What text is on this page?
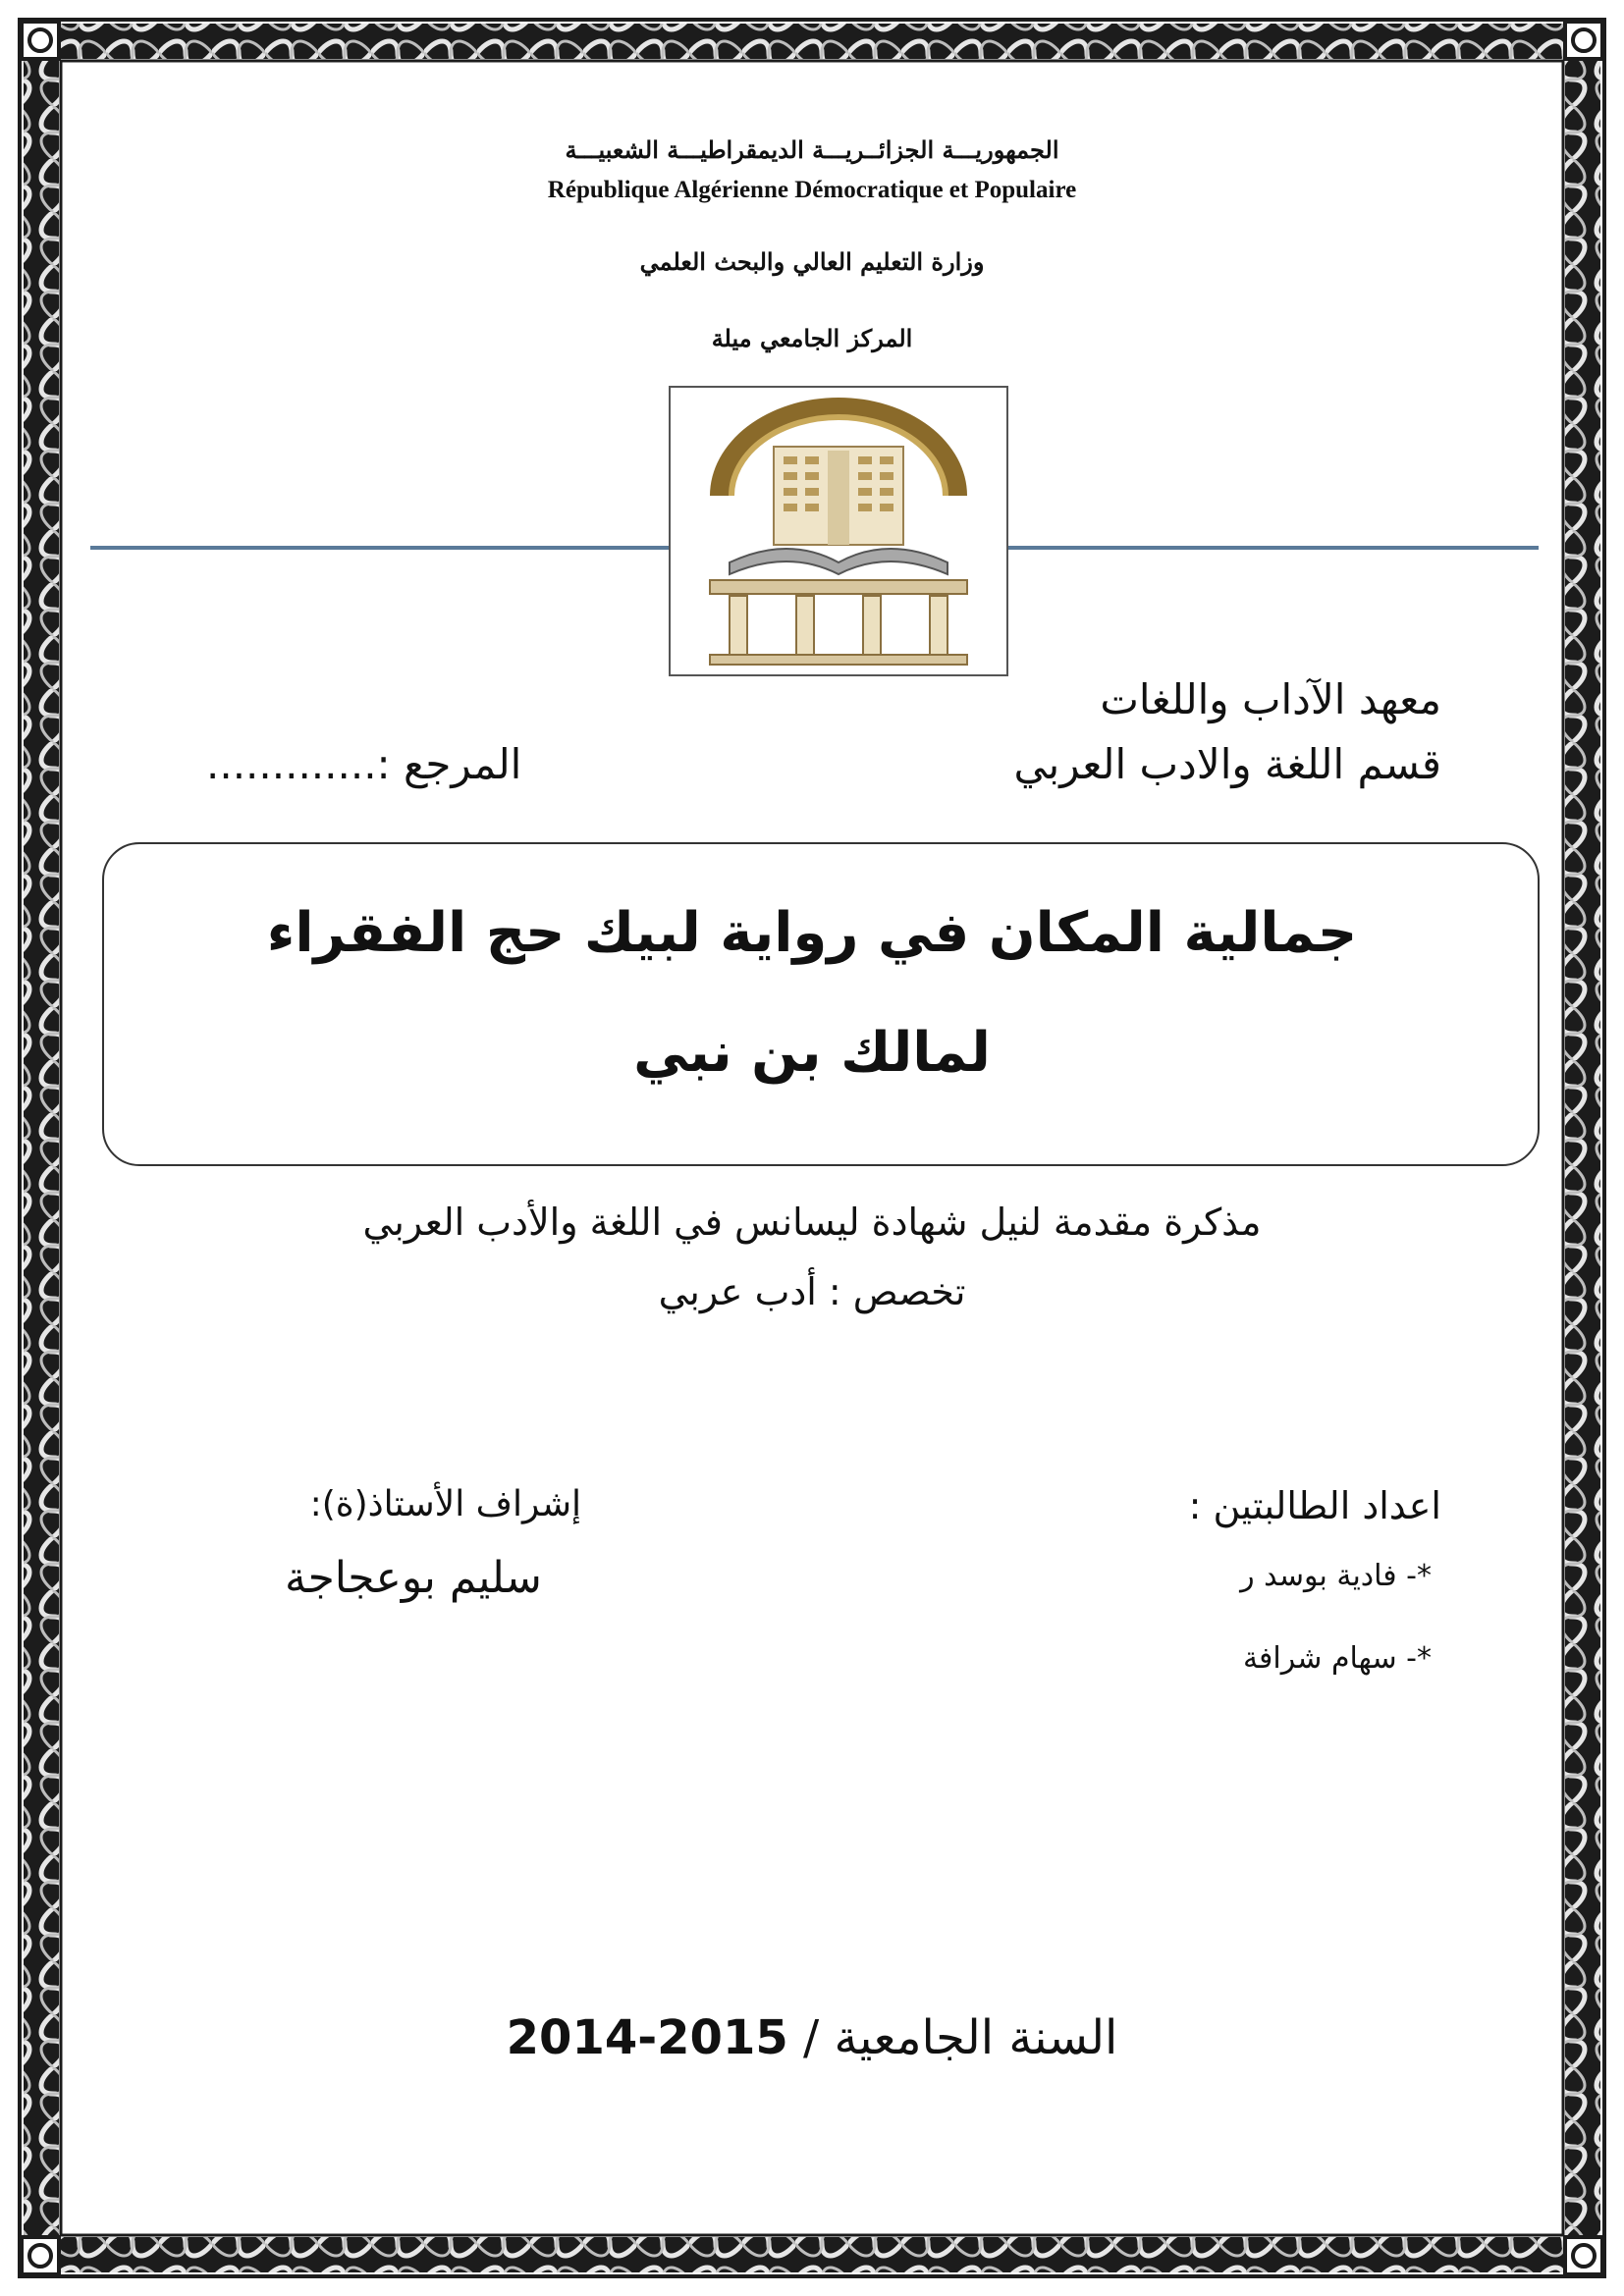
الجمهوريـــة الجزائــريـــة الديمقراطيـــة الشعبيـــة
République Algérienne Démocratique et Populaire
وزارة التعليم العالي والبحث العلمي
المركز الجامعي ميلة
معهد الآداب واللغات
قسم اللغة والادب العربي
المرجع :.............
جمالية المكان في رواية لبيك حج الفقراء
لمالك بن نبي
مذكرة مقدمة لنيل شهادة ليسانس في اللغة والأدب العربي
تخصص : أدب عربي
اعداد الطالبتين :
*- فادية بوسد ر
*- سهام شرافة
إشراف الأستاذ(ة):
سليم بوعجاجة
السنة الجامعية / 2014-2015
